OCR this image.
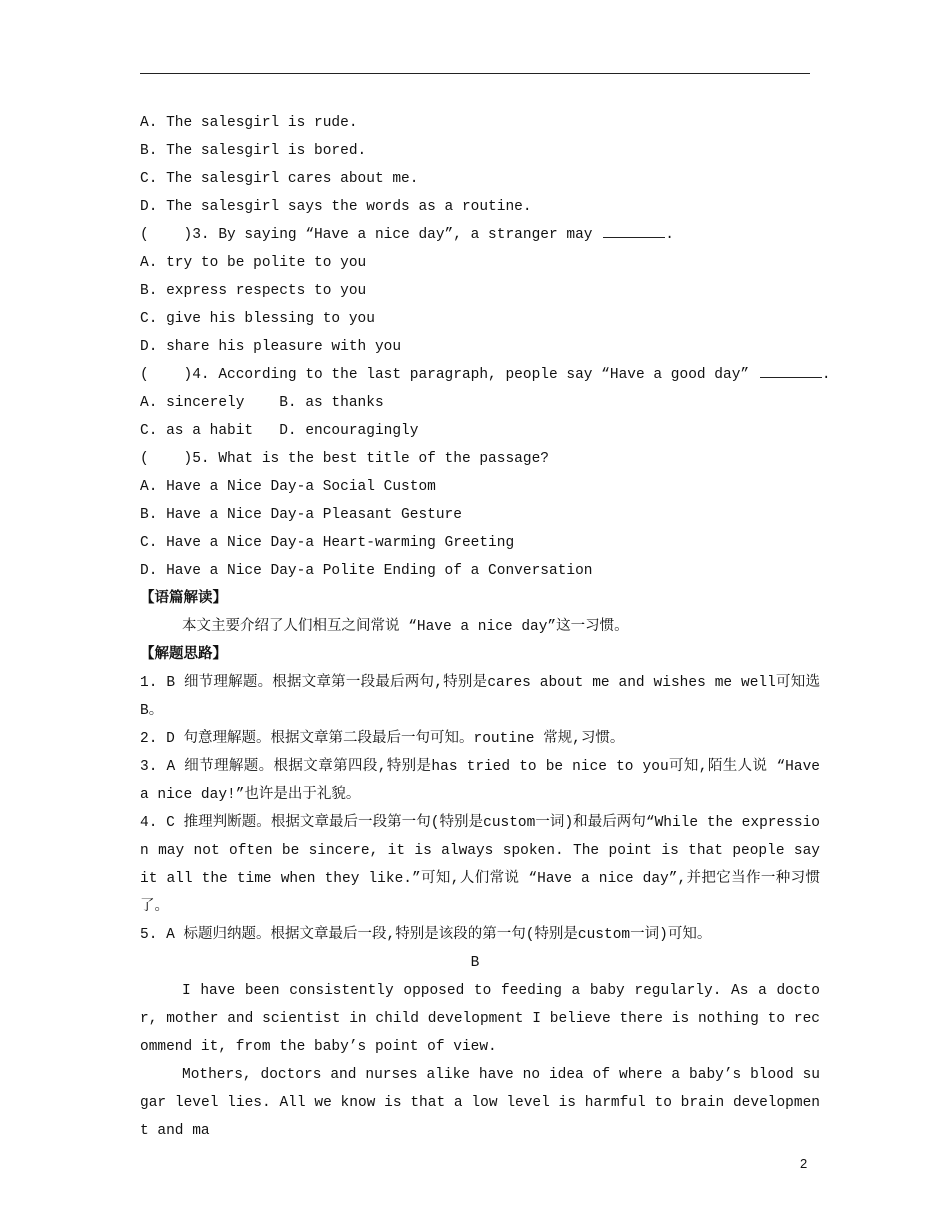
A. The salesgirl is rude.
B. The salesgirl is bored.
C. The salesgirl cares about me.
D. The salesgirl says the words as a routine.
(    )3. By saying “Have a nice day”, a stranger may	.
A. try to be polite to you
B. express respects to you
C. give his blessing to you
D. share his pleasure with you
(    )4. According to the last paragraph, people say “Have a good day”	.
A. sincerely    B. as thanks
C. as a habit   D. encouragingly
(    )5. What is the best title of the passage?
A. Have a Nice Day-a Social Custom
B. Have a Nice Day-a Pleasant Gesture
C. Have a Nice Day-a Heart-warming Greeting
D. Have a Nice Day-a Polite Ending of a Conversation
【语篇解读】
本文主要介绍了人们相互之间常说 “Have a nice day”这一习惯。
【解题思路】
1. B 细节理解题。根据文章第一段最后两句,特别是cares about me and wishes me well可知选B。
2. D 句意理解题。根据文章第二段最后一句可知。routine 常规,习惯。
3. A 细节理解题。根据文章第四段,特别是has tried to be nice to you可知,陌生人说 “Have a nice day!”也许是出于礼貌。
4. C 推理判断题。根据文章最后一段第一句(特别是custom一词)和最后两句“While the expression may not often be sincere, it is always spoken. The point is that people say it all the time when they like.”可知,人们常说 “Have a nice day”,并把它当作一种习惯了。
5. A 标题归纳题。根据文章最后一段,特别是该段的第一句(特别是custom一词)可知。
B
I have been consistently opposed to feeding a baby regularly. As a doctor, mother and scientist in child development I believe there is nothing to recommend it, from the baby’s point of view.
Mothers, doctors and nurses alike have no idea of where a baby’s blood sugar level lies. All we know is that a low level is harmful to brain development and ma
2
